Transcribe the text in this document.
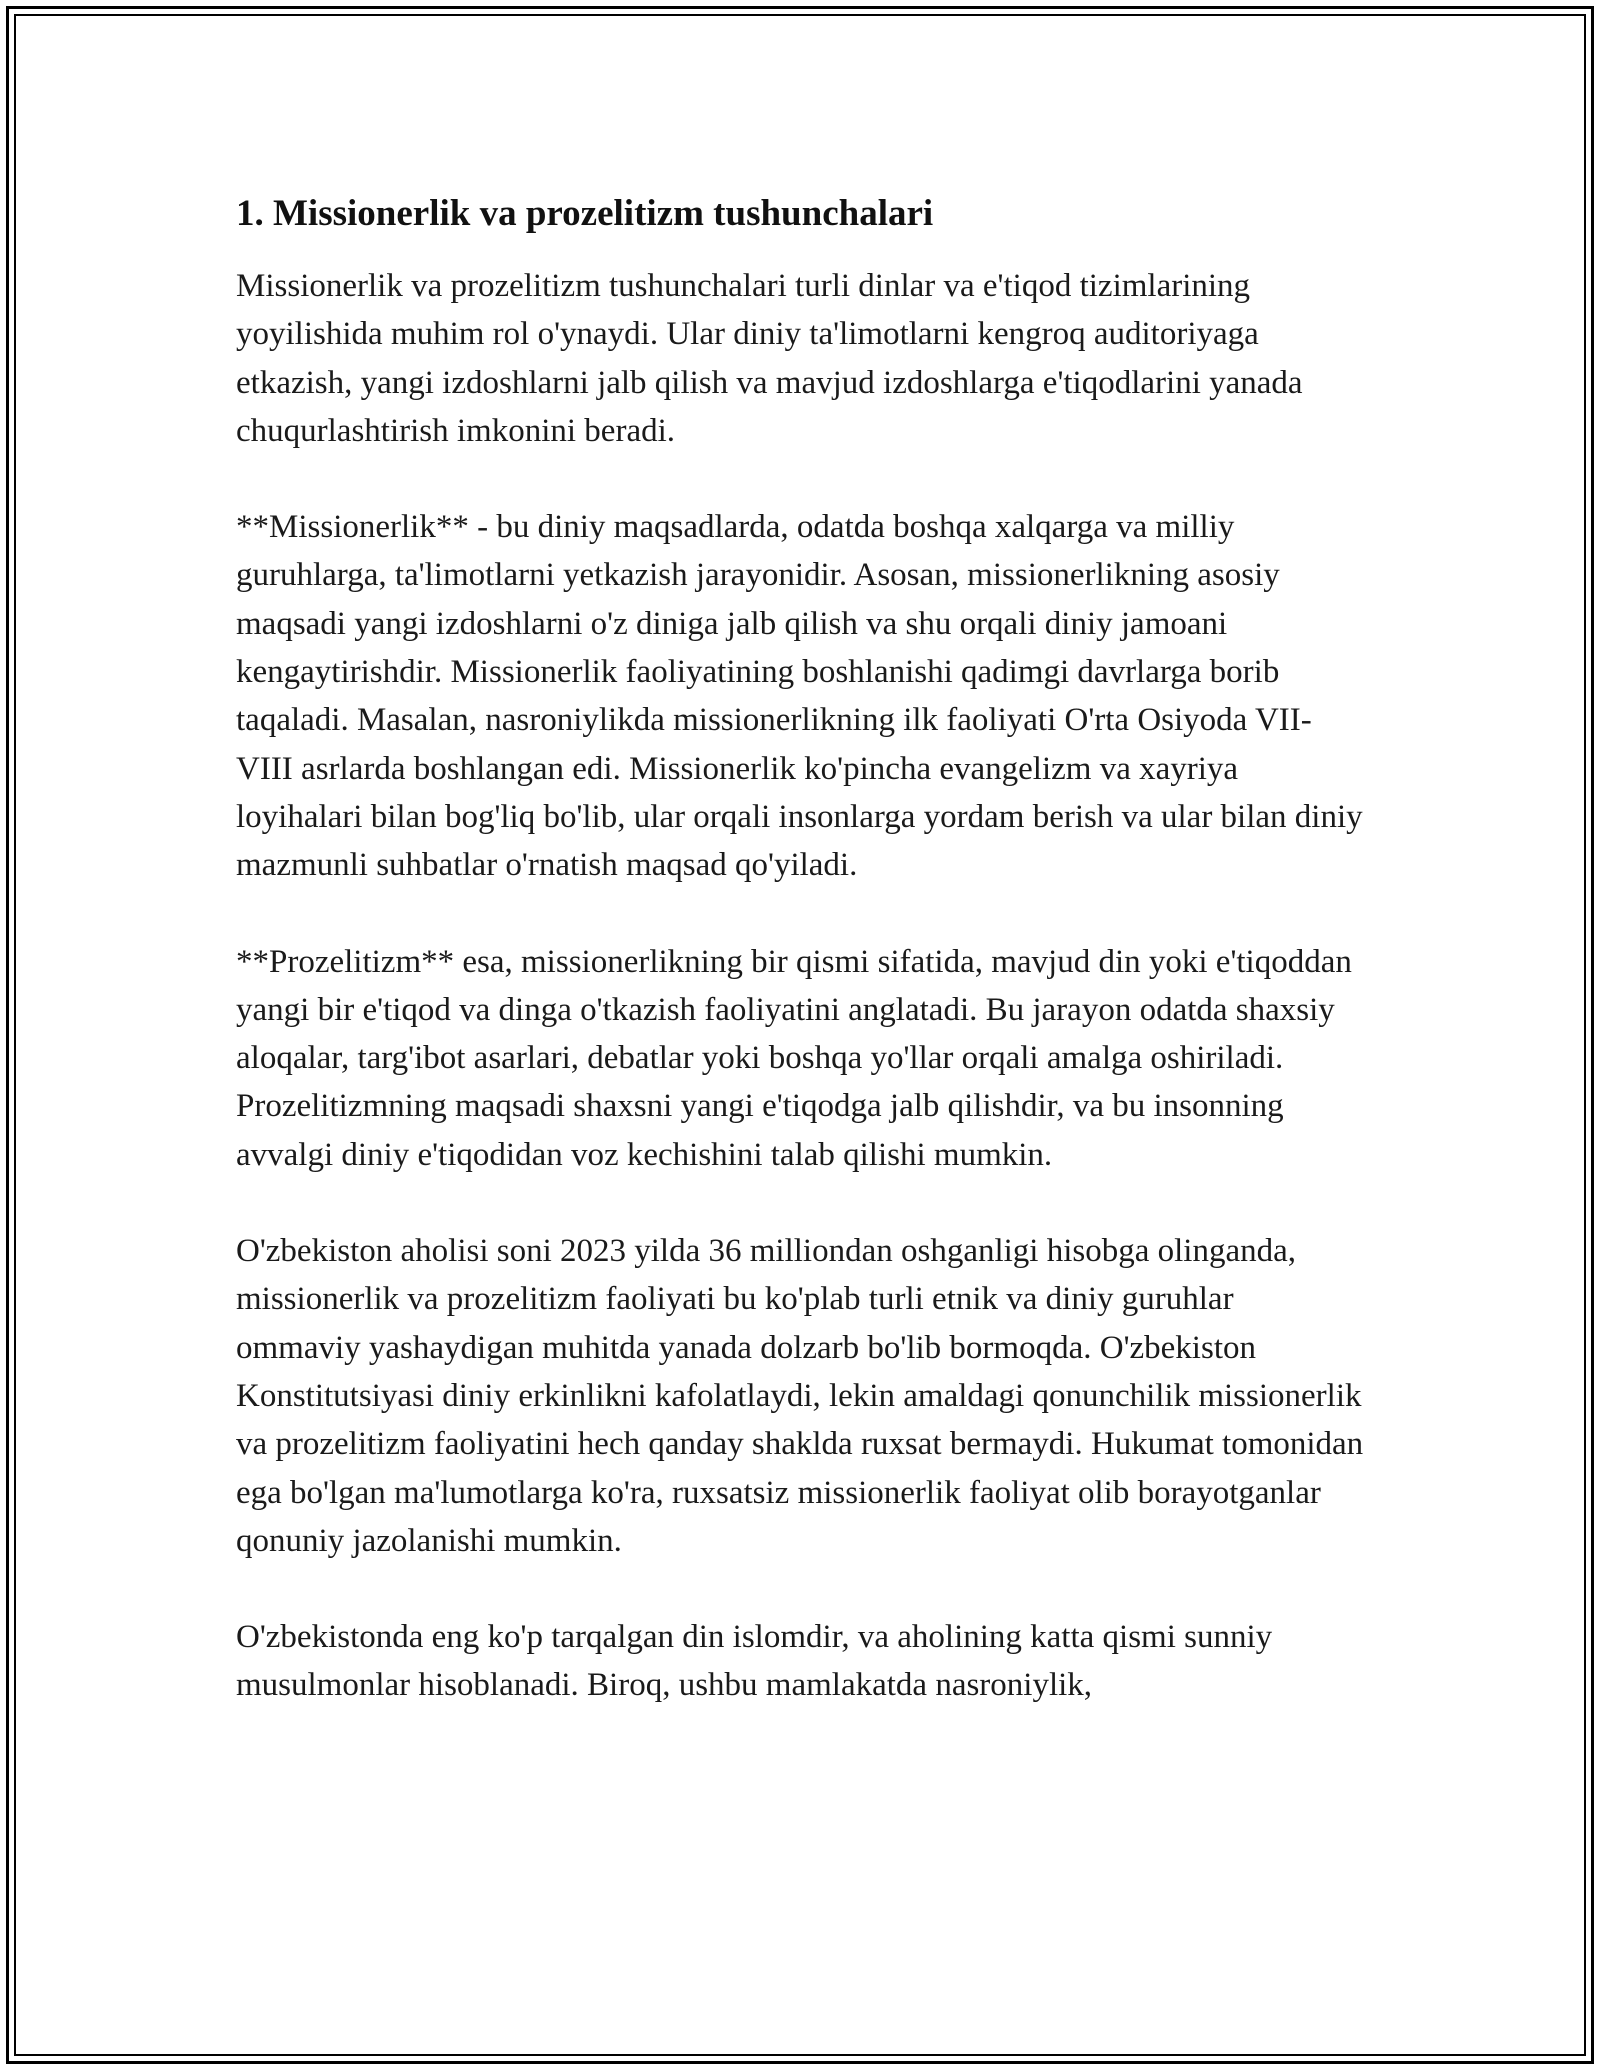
1. Missionerlik va prozelitizm tushunchalari

Missionerlik va prozelitizm tushunchalari turli dinlar va e'tiqod tizimlarining yoyilishida muhim rol o'ynaydi. Ular diniy ta'limotlarni kengroq auditoriyaga etkazish, yangi izdoshlarni jalb qilish va mavjud izdoshlarga e'tiqodlarini yanada chuqurlashtirish imkonini beradi.

**Missionerlik** - bu diniy maqsadlarda, odatda boshqa xalqarga va milliy guruhlarga, ta'limotlarni yetkazish jarayonidir. Asosan, missionerlikning asosiy maqsadi yangi izdoshlarni o'z diniga jalb qilish va shu orqali diniy jamoani kengaytirishdir. Missionerlik faoliyatining boshlanishi qadimgi davrlarga borib taqaladi. Masalan, nasroniylikda missionerlikning ilk faoliyati O'rta Osiyoda VII-VIII asrlarda boshlangan edi. Missionerlik ko'pincha evangelizm va xayriya loyihalari bilan bog'liq bo'lib, ular orqali insonlarga yordam berish va ular bilan diniy mazmunli suhbatlar o'rnatish maqsad qo'yiladi.

**Prozelitizm** esa, missionerlikning bir qismi sifatida, mavjud din yoki e'tiqoddan yangi bir e'tiqod va dinga o'tkazish faoliyatini anglatadi. Bu jarayon odatda shaxsiy aloqalar, targ'ibot asarlari, debatlar yoki boshqa yo'llar orqali amalga oshiriladi. Prozelitizmning maqsadi shaxsni yangi e'tiqodga jalb qilishdir, va bu insonning avvalgi diniy e'tiqodidan voz kechishini talab qilishi mumkin.

O'zbekiston aholisi soni 2023 yilda 36 milliondan oshganligi hisobga olinganda, missionerlik va prozelitizm faoliyati bu ko'plab turli etnik va diniy guruhlar ommaviy yashaydigan muhitda yanada dolzarb bo'lib bormoqda. O'zbekiston Konstitutsiyasi diniy erkinlikni kafolatlaydi, lekin amaldagi qonunchilik missionerlik va prozelitizm faoliyatini hech qanday shaklda ruxsat bermaydi. Hukumat tomonidan ega bo'lgan ma'lumotlarga ko'ra, ruxsatsiz missionerlik faoliyat olib borayotganlar qonuniy jazolanishi mumkin.

O'zbekistonda eng ko'p tarqalgan din islomdir, va aholining katta qismi sunniy musulmonlar hisoblanadi. Biroq, ushbu mamlakatda nasroniylik,
